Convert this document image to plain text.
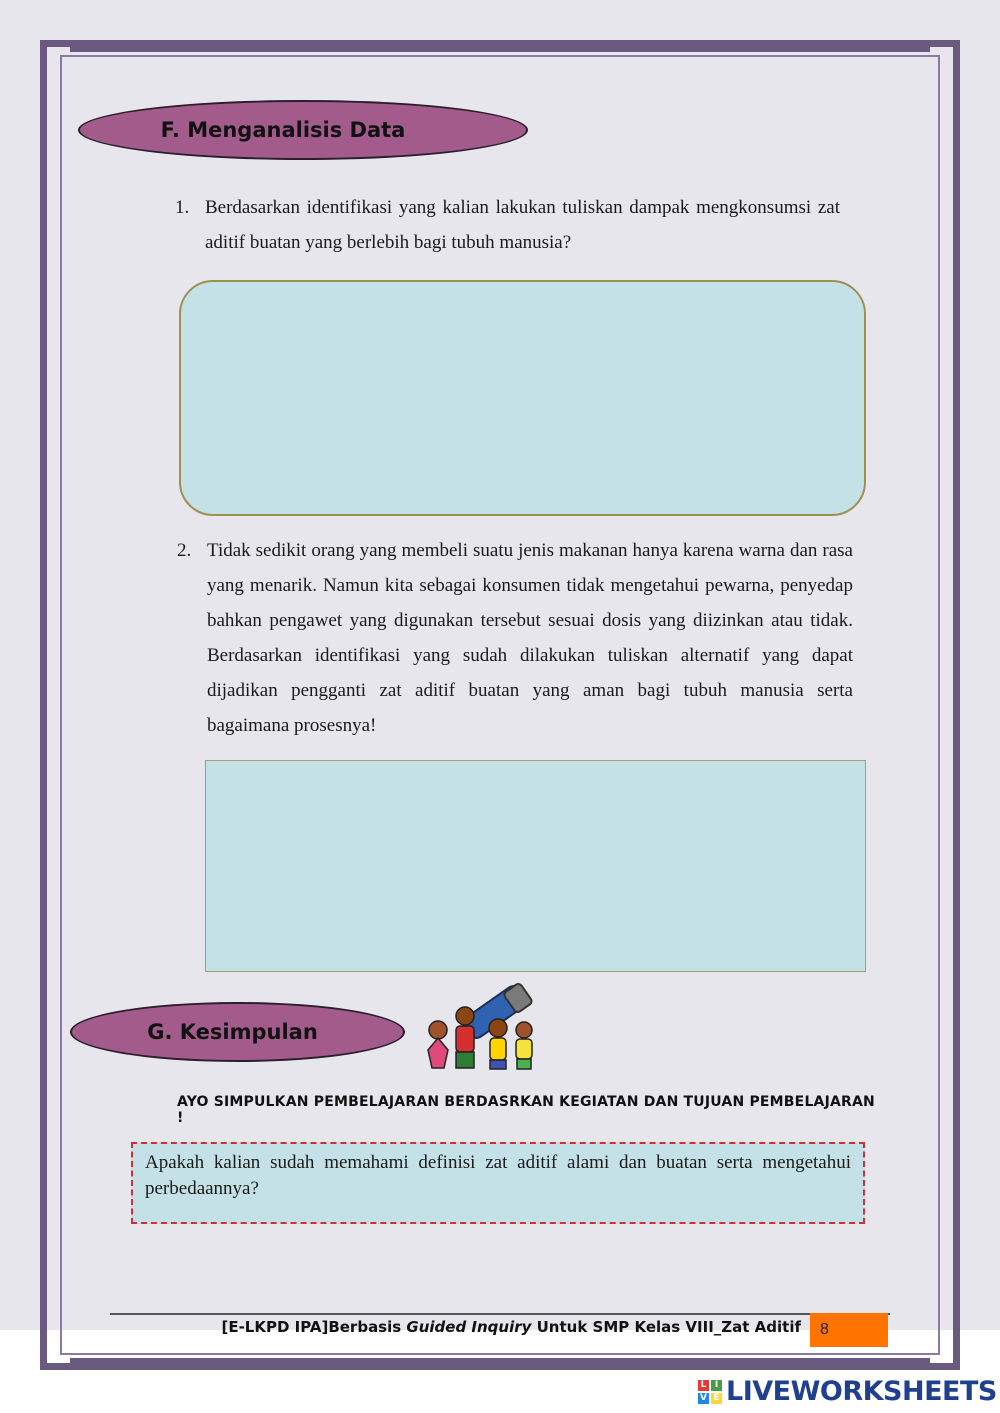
F. Menganalisis Data
1. Berdasarkan identifikasi yang kalian lakukan tuliskan dampak mengkonsumsi zat aditif buatan yang berlebih bagi tubuh manusia?
2. Tidak sedikit orang yang membeli suatu jenis makanan hanya karena warna dan rasa yang menarik. Namun kita sebagai konsumen tidak mengetahui pewarna, penyedap bahkan pengawet yang digunakan tersebut sesuai dosis yang diizinkan atau tidak. Berdasarkan identifikasi yang sudah dilakukan tuliskan alternatif yang dapat dijadikan pengganti zat aditif buatan yang aman bagi tubuh manusia serta bagaimana prosesnya!
G. Kesimpulan
AYO SIMPULKAN PEMBELAJARAN BERDASRKAN KEGIATAN DAN TUJUAN PEMBELAJARAN !

Apakah kalian sudah memahami definisi zat aditif alami dan buatan serta mengetahui perbedaannya?

[E-LKPD IPA]Berbasis Guided Inquiry Untuk SMP Kelas VIII_Zat Aditif	8
L I
V E LIVEWORKSHEETS
